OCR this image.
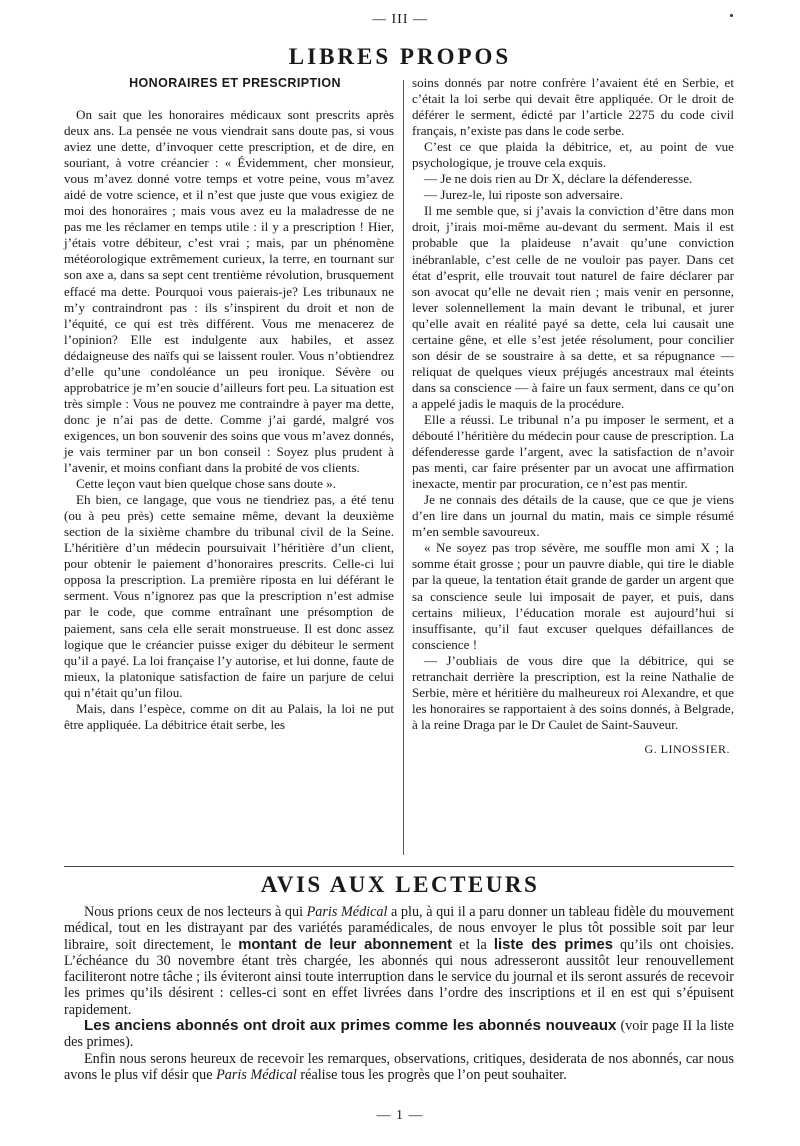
— III —
LIBRES PROPOS
HONORAIRES ET PRESCRIPTION

On sait que les honoraires médicaux sont prescrits après deux ans. La pensée ne vous viendrait sans doute pas, si vous aviez une dette, d’invoquer cette prescription, et de dire, en souriant, à votre créancier : « Évidemment, cher monsieur, vous m’avez donné votre temps et votre peine, vous m’avez aidé de votre science, et il n’est que juste que vous exigiez de moi des honoraires ; mais vous avez eu la maladresse de ne pas me les réclamer en temps utile : il y a prescription ! Hier, j’étais votre débiteur, c’est vrai ; mais, par un phénomène météorologique extrêmement curieux, la terre, en tournant sur son axe a, dans sa sept cent trentième révolution, brusquement effacé ma dette. Pourquoi vous paierais-je? Les tribunaux ne m’y contraindront pas : ils s’inspirent du droit et non de l’équité, ce qui est très différent. Vous me menacerez de l’opinion? Elle est indulgente aux habiles, et assez dédaigneuse des naïfs qui se laissent rouler. Vous n’obtiendrez d’elle qu’une condoléance un peu ironique. Sévère ou approbatrice je m’en soucie d’ailleurs fort peu. La situation est très simple : Vous ne pouvez me contraindre à payer ma dette, donc je n’ai pas de dette. Comme j’ai gardé, malgré vos exigences, un bon souvenir des soins que vous m’avez donnés, je vais terminer par un bon conseil : Soyez plus prudent à l’avenir, et moins confiant dans la probité de vos clients.

Cette leçon vaut bien quelque chose sans doute ».

Eh bien, ce langage, que vous ne tiendriez pas, a été tenu (ou à peu près) cette semaine même, devant la deuxième section de la sixième chambre du tribunal civil de la Seine. L’héritière d’un médecin poursuivait l’héritière d’un client, pour obtenir le paiement d’honoraires prescrits. Celle-ci lui opposa la prescription. La première riposta en lui déférant le serment. Vous n’ignorez pas que la prescription n’est admise par le code, que comme entraînant une présomption de paiement, sans cela elle serait monstrueuse. Il est donc assez logique que le créancier puisse exiger du débiteur le serment qu’il a payé. La loi française l’y autorise, et lui donne, faute de mieux, la platonique satisfaction de faire un parjure de celui qui n’était qu’un filou.

Mais, dans l’espèce, comme on dit au Palais, la loi ne put être appliquée. La débitrice était serbe, les

soins donnés par notre confrère l’avaient été en Serbie, et c’était la loi serbe qui devait être appliquée. Or le droit de déférer le serment, édicté par l’article 2275 du code civil français, n’existe pas dans le code serbe.

C’est ce que plaida la débitrice, et, au point de vue psychologique, je trouve cela exquis.

— Je ne dois rien au Dr X, déclare la défenderesse.

— Jurez-le, lui riposte son adversaire.

Il me semble que, si j’avais la conviction d’être dans mon droit, j’irais moi-même au-devant du serment. Mais il est probable que la plaideuse n’avait qu’une conviction inébranlable, c’est celle de ne vouloir pas payer. Dans cet état d’esprit, elle trouvait tout naturel de faire déclarer par son avocat qu’elle ne devait rien ; mais venir en personne, lever solennellement la main devant le tribunal, et jurer qu’elle avait en réalité payé sa dette, cela lui causait une certaine gêne, et elle s’est jetée résolument, pour concilier son désir de se soustraire à sa dette, et sa répugnance — reliquat de quelques vieux préjugés ancestraux mal éteints dans sa conscience — à faire un faux serment, dans ce qu’on a appelé jadis le maquis de la procédure.

Elle a réussi. Le tribunal n’a pu imposer le serment, et a débouté l’héritière du médecin pour cause de prescription. La défenderesse garde l’argent, avec la satisfaction de n’avoir pas menti, car faire présenter par un avocat une affirmation inexacte, mentir par procuration, ce n’est pas mentir.

Je ne connais des détails de la cause, que ce que je viens d’en lire dans un journal du matin, mais ce simple résumé m’en semble savoureux.

« Ne soyez pas trop sévère, me souffle mon ami X ; la somme était grosse ; pour un pauvre diable, qui tire le diable par la queue, la tentation était grande de garder un argent que sa conscience seule lui imposait de payer, et puis, dans certains milieux, l’éducation morale est aujourd’hui si insuffisante, qu’il faut excuser quelques défaillances de conscience !

— J’oubliais de vous dire que la débitrice, qui se retranchait derrière la prescription, est la reine Nathalie de Serbie, mère et héritière du malheureux roi Alexandre, et que les honoraires se rapportaient à des soins donnés, à Belgrade, à la reine Draga par le Dr Caulet de Saint-Sauveur.

G. LINOSSIER.

AVIS AUX LECTEURS

Nous prions ceux de nos lecteurs à qui Paris Médical a plu, à qui il a paru donner un tableau fidèle du mouvement médical, tout en les distrayant par des variétés paramédicales, de nous envoyer le plus tôt possible soit par leur libraire, soit directement, le montant de leur abonnement et la liste des primes qu’ils ont choisies. L’échéance du 30 novembre étant très chargée, les abonnés qui nous adresseront aussitôt leur renouvellement faciliteront notre tâche ; ils éviteront ainsi toute interruption dans le service du journal et ils seront assurés de recevoir les primes qu’ils désirent : celles-ci sont en effet livrées dans l’ordre des inscriptions et il en est qui s’épuisent rapidement.

Les anciens abonnés ont droit aux primes comme les abonnés nouveaux (voir page II la liste des primes).

Enfin nous serons heureux de recevoir les remarques, observations, critiques, desiderata de nos abonnés, car nous avons le plus vif désir que Paris Médical réalise tous les progrès que l’on peut souhaiter.

— 1 —
